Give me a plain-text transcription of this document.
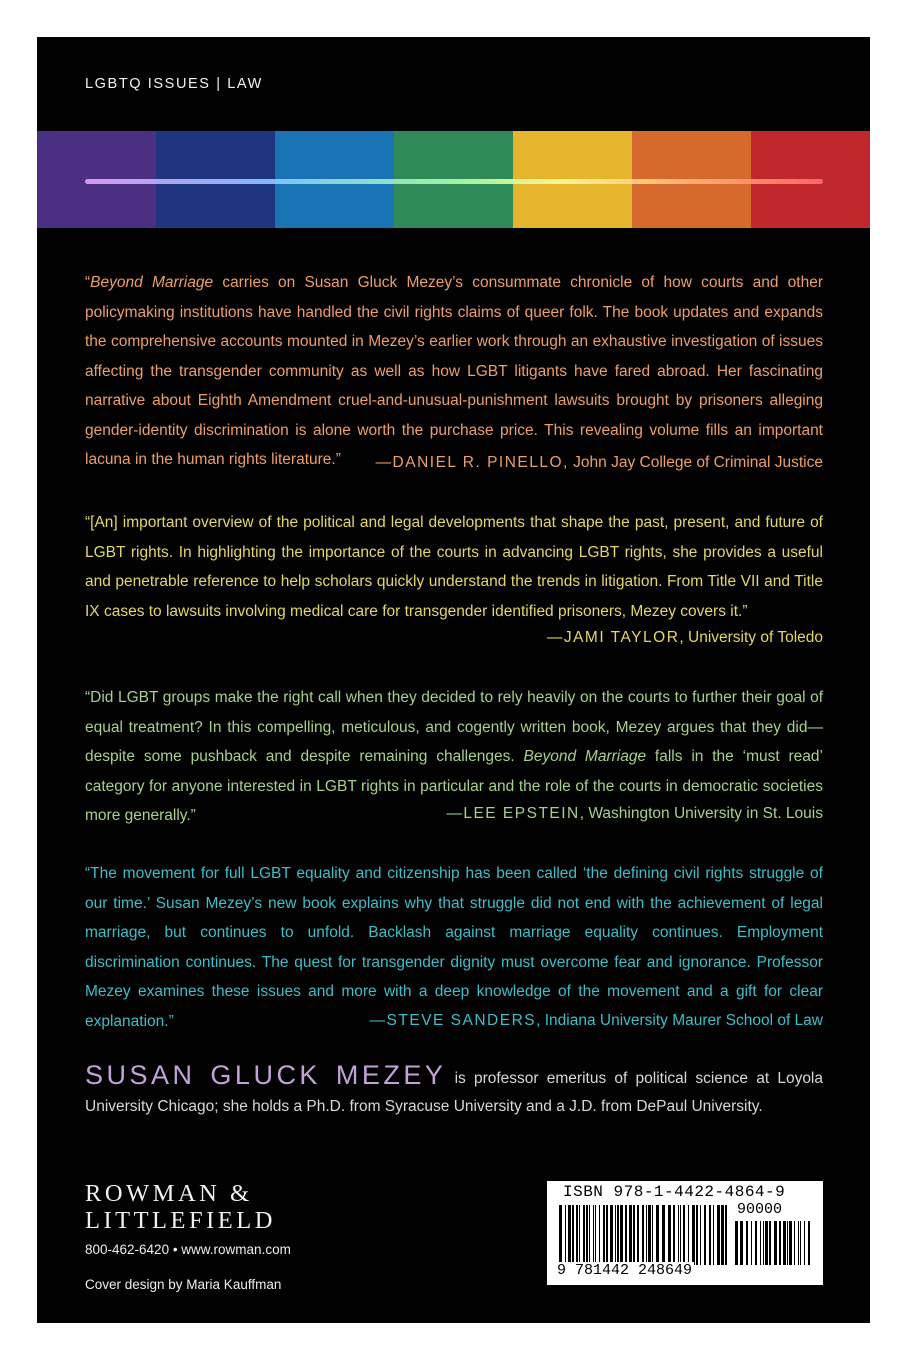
LGBTQ ISSUES | LAW

“Beyond Marriage carries on Susan Gluck Mezey’s consummate chronicle of how courts and other policymaking institutions have handled the civil rights claims of queer folk. The book updates and expands the comprehensive accounts mounted in Mezey’s earlier work through an exhaustive investigation of issues affecting the transgender community as well as how LGBT litigants have fared abroad. Her fascinating narrative about Eighth Amendment cruel-and-unusual-punishment lawsuits brought by prisoners alleging gender-identity discrimination is alone worth the purchase price. This revealing volume fills an important lacuna in the human rights literature.”	—DANIEL R. PINELLO, John Jay College of Criminal Justice

“[An] important overview of the political and legal developments that shape the past, present, and future of LGBT rights. In highlighting the importance of the courts in advancing LGBT rights, she provides a useful and penetrable reference to help scholars quickly understand the trends in litigation. From Title VII and Title IX cases to lawsuits involving medical care for transgender identified prisoners, Mezey covers it.”

—JAMI TAYLOR, University of Toledo

“Did LGBT groups make the right call when they decided to rely heavily on the courts to further their goal of equal treatment? In this compelling, meticulous, and cogently written book, Mezey argues that they did—despite some pushback and despite remaining challenges. Beyond Marriage falls in the ‘must read’ category for anyone interested in LGBT rights in particular and the role of the courts in democratic societies more generally.”	—LEE EPSTEIN, Washington University in St. Louis

“The movement for full LGBT equality and citizenship has been called ‘the defining civil rights struggle of our time.’ Susan Mezey’s new book explains why that struggle did not end with the achievement of legal marriage, but continues to unfold. Backlash against marriage equality continues. Employment discrimination continues. The quest for transgender dignity must overcome fear and ignorance. Professor Mezey examines these issues and more with a deep knowledge of the movement and a gift for clear explanation.”	—STEVE SANDERS, Indiana University Maurer School of Law

SUSAN GLUCK MEZEY is professor emeritus of political science at Loyola University Chicago; she holds a Ph.D. from Syracuse University and a J.D. from DePaul University.

ROWMAN &
LITTLEFIELD
800-462-6420 • www.rowman.com
Cover design by Maria Kauffman
ISBN 978-1-4422-4864-9
90000
9 781442 248649
